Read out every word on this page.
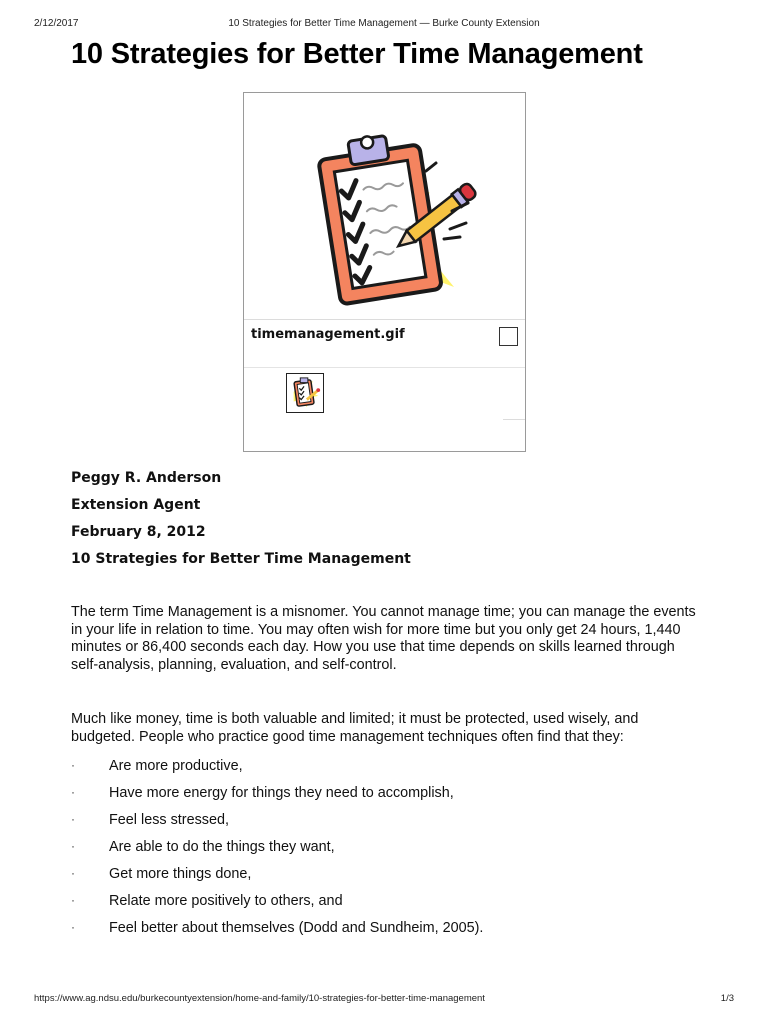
2/12/2017	10 Strategies for Better Time Management — Burke County Extension
10 Strategies for Better Time Management
timemanagement.gif
Peggy R. Anderson
Extension Agent
February 8, 2012
10 Strategies for Better Time Management

The term Time Management is a misnomer. You cannot manage time; you can manage the events in your life in relation to time. You may often wish for more time but you only get 24 hours, 1,440 minutes or 86,400 seconds each day. How you use that time depends on skills learned through self-analysis, planning, evaluation, and self-control.

Much like money, time is both valuable and limited; it must be protected, used wisely, and budgeted. People who practice good time management techniques often find that they:

· Are more productive,
· Have more energy for things they need to accomplish,
· Feel less stressed,
· Are able to do the things they want,
· Get more things done,
· Relate more positively to others, and
· Feel better about themselves (Dodd and Sundheim, 2005).
https://www.ag.ndsu.edu/burkecountyextension/home-and-family/10-strategies-for-better-time-management	1/3
